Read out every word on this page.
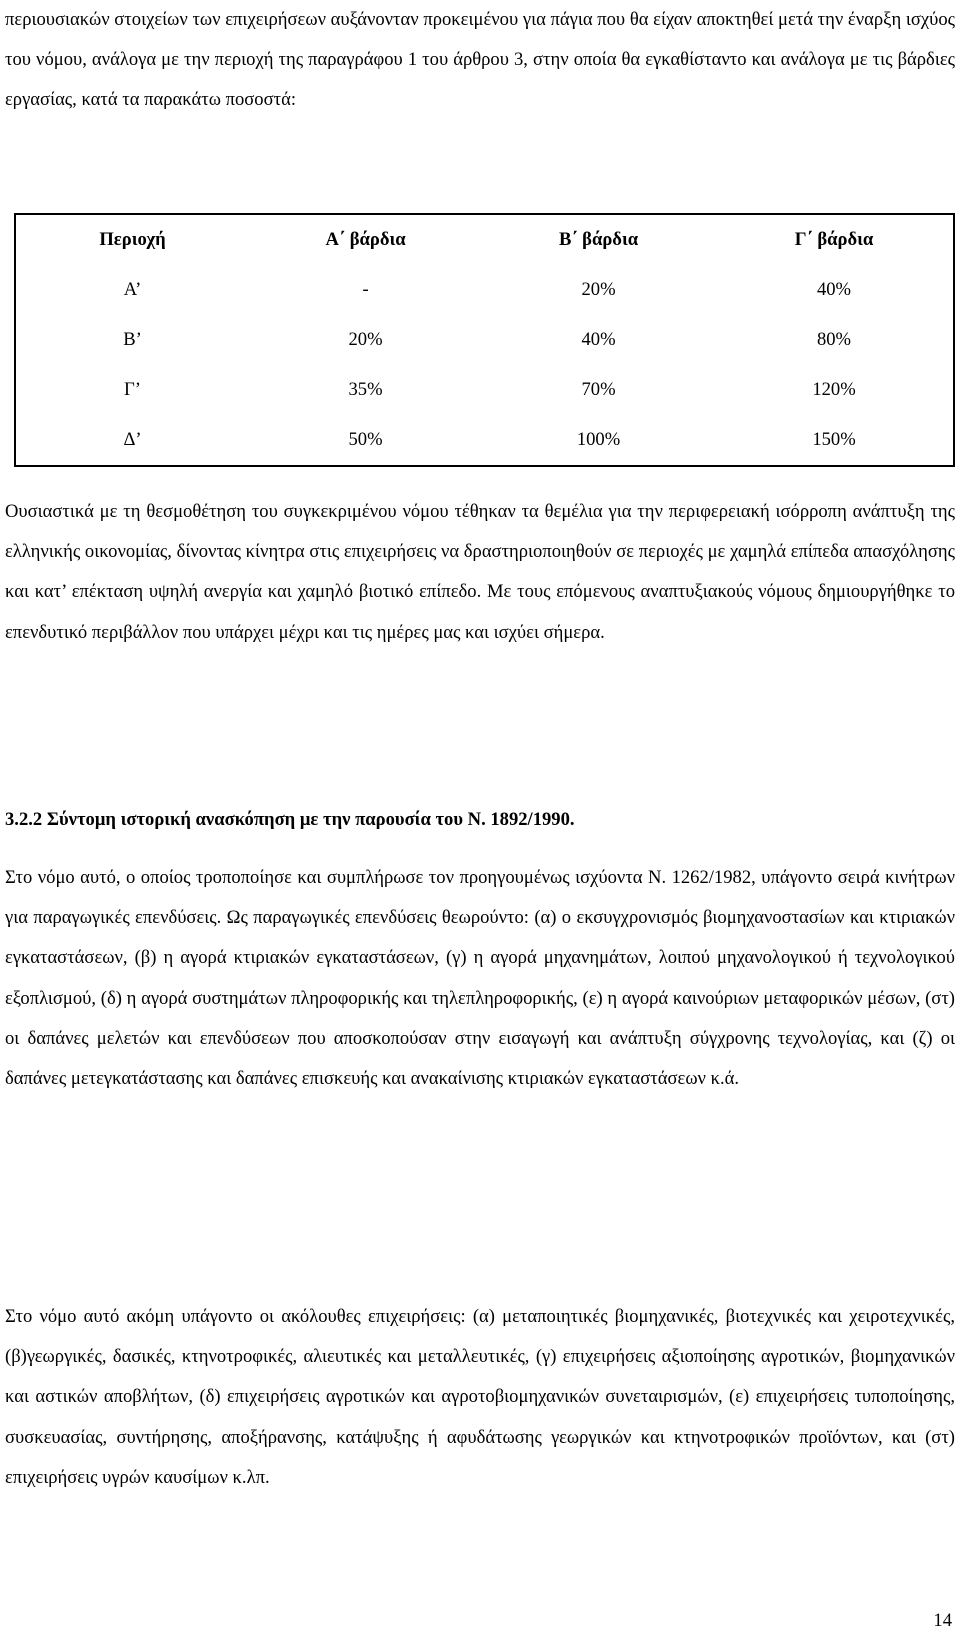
περιουσιακών στοιχείων των επιχειρήσεων αυξάνονταν προκειμένου για πάγια που θα είχαν αποκτηθεί μετά την έναρξη ισχύος του νόμου, ανάλογα με την περιοχή της παραγράφου 1 του άρθρου 3, στην οποία θα εγκαθίσταντο και ανάλογα με τις βάρδιες εργασίας, κατά τα παρακάτω ποσοστά:

Περιοχή	Α΄ βάρδια	Β΄ βάρδια	Γ΄ βάρδια
Α’	-	20%	40%
Β’	20%	40%	80%
Γ’	35%	70%	120%
Δ’	50%	100%	150%

Ουσιαστικά με τη θεσμοθέτηση του συγκεκριμένου νόμου τέθηκαν τα θεμέλια για την περιφερειακή ισόρροπη ανάπτυξη της ελληνικής οικονομίας, δίνοντας κίνητρα στις επιχειρήσεις να δραστηριοποιηθούν σε περιοχές με χαμηλά επίπεδα απασχόλησης και κατ’ επέκταση υψηλή ανεργία και χαμηλό βιοτικό επίπεδο. Με τους επόμενους αναπτυξιακούς νόμους δημιουργήθηκε το επενδυτικό περιβάλλον που υπάρχει μέχρι και τις ημέρες μας και ισχύει σήμερα.

3.2.2 Σύντομη ιστορική ανασκόπηση με την παρουσία του Ν. 1892/1990.

Στο νόμο αυτό, ο οποίος τροποποίησε και συμπλήρωσε τον προηγουμένως ισχύοντα Ν. 1262/1982, υπάγοντο σειρά κινήτρων για παραγωγικές επενδύσεις. Ως παραγωγικές επενδύσεις θεωρούντο: (α) ο εκσυγχρονισμός βιομηχανοστασίων και κτιριακών εγκαταστάσεων, (β) η αγορά κτιριακών εγκαταστάσεων, (γ) η αγορά μηχανημάτων, λοιπού μηχανολογικού ή τεχνολογικού εξοπλισμού, (δ) η αγορά συστημάτων πληροφορικής και τηλεπληροφορικής, (ε) η αγορά καινούριων μεταφορικών μέσων, (στ) οι δαπάνες μελετών και επενδύσεων που αποσκοπούσαν στην εισαγωγή και ανάπτυξη σύγχρονης τεχνολογίας, και (ζ) οι δαπάνες μετεγκατάστασης και δαπάνες επισκευής και ανακαίνισης κτιριακών εγκαταστάσεων κ.ά.

Στο νόμο αυτό ακόμη υπάγοντο οι ακόλουθες επιχειρήσεις: (α) μεταποιητικές βιομηχανικές, βιοτεχνικές και χειροτεχνικές, (β)γεωργικές, δασικές, κτηνοτροφικές, αλιευτικές και μεταλλευτικές, (γ) επιχειρήσεις αξιοποίησης αγροτικών, βιομηχανικών και αστικών αποβλήτων, (δ) επιχειρήσεις αγροτικών και αγροτοβιομηχανικών συνεταιρισμών, (ε) επιχειρήσεις τυποποίησης, συσκευασίας, συντήρησης, αποξήρανσης, κατάψυξης ή αφυδάτωσης γεωργικών και κτηνοτροφικών προϊόντων, και (στ) επιχειρήσεις υγρών καυσίμων κ.λπ.

14
